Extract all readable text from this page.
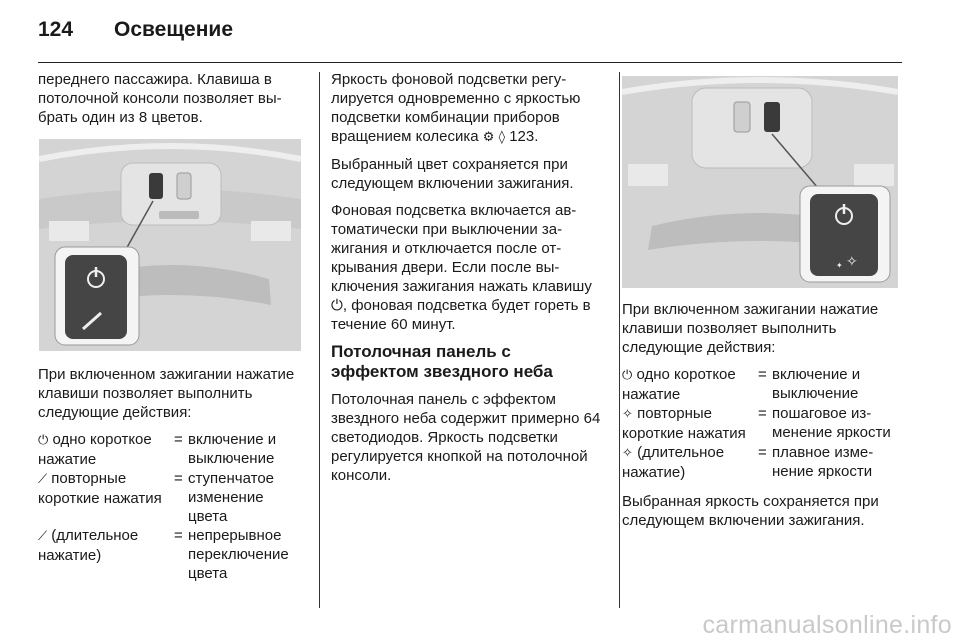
124	Освещение

переднего пассажира. Клавиша в потолочной консоли позволяет выбрать один из 8 цветов.

При включенном зажигании нажатие клавиши позволяет выполнить следующие действия:

⏻ одно короткое нажатие
= включение и выключение
⟋ повторные короткие нажатия
= ступенчатое изменение цвета
⟋ (длительное нажатие)
= непрерывное переключение цвета

Яркость фоновой подсветки регулируется одновременно с яркостью подсветки комбинации приборов вращением колесика ⚙ ◊ 123.

Выбранный цвет сохраняется при следующем включении зажигания.

Фоновая подсветка включается автоматически при выключении зажигания и отключается после открывания двери. Если после выключения зажигания нажать клавишу ⏻, фоновая подсветка будет гореть в течение 60 минут.

Потолочная панель с эффектом звездного неба

Потолочная панель с эффектом звездного неба содержит примерно 64 светодиодов. Яркость подсветки регулируется кнопкой на потолочной консоли.

✧
✦

При включенном зажигании нажатие клавиши позволяет выполнить следующие действия:

⏻ одно короткое нажатие
= включение и выключение
✧ повторные короткие нажатия
= пошаговое изменение яркости
✧ (длительное нажатие)
= плавное изменение яркости

Выбранная яркость сохраняется при следующем включении зажигания.

carmanualsonline.info
